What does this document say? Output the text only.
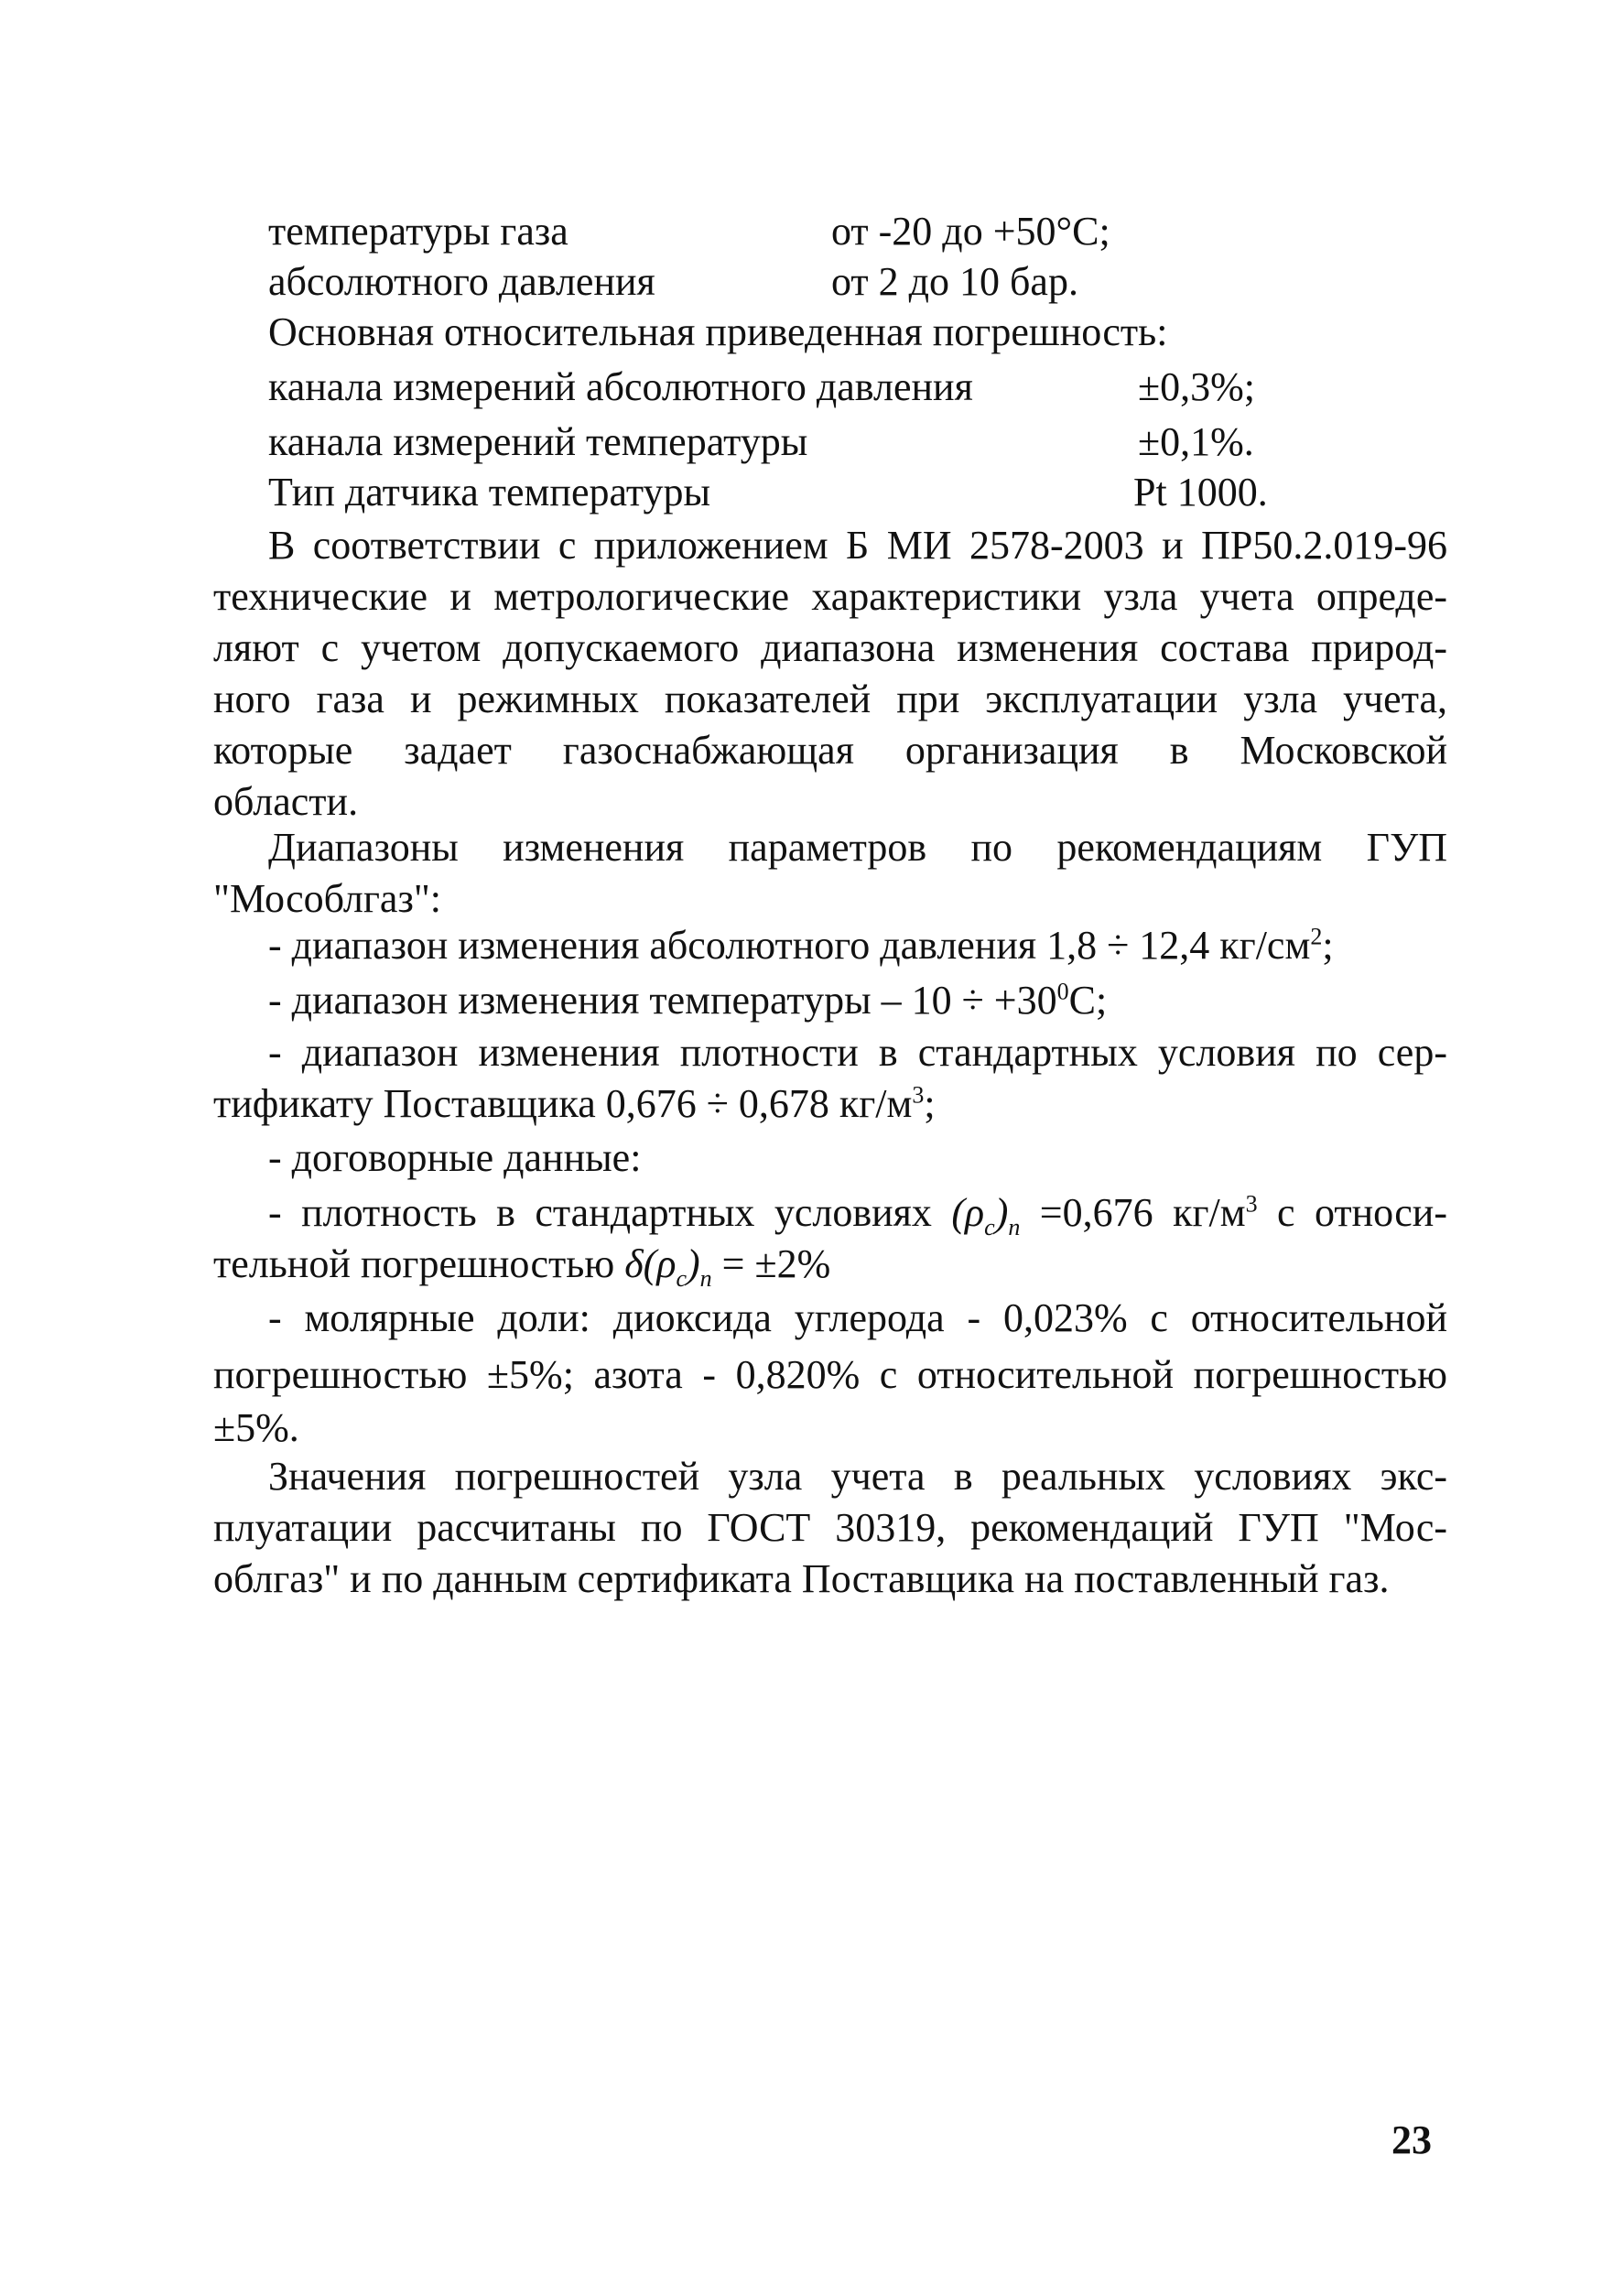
температуры газа	от -20 до +50°С;
абсолютного давления	от 2 до 10 бар.
Основная относительная приведенная погрешность:
канала измерений абсолютного давления	±0,3%;
канала измерений температуры	±0,1%.
Тип датчика температуры	Pt 1000.
В соответствии с приложением Б МИ 2578-2003 и ПР50.2.019-96
технические и метрологические характеристики узла учета опреде-
ляют с учетом допускаемого диапазона изменения состава природ-
ного газа и режимных показателей при эксплуатации узла учета,
которые задает газоснабжающая организация в Московской
области.
Диапазоны изменения параметров по рекомендациям ГУП
"Мособлгаз":
- диапазон изменения абсолютного давления 1,8 ÷ 12,4 $кг/см^2$;
- диапазон изменения температуры – $10 \div +30^0С$;
- диапазон изменения плотности в стандартных условия по сер-
тификату Поставщика 0,676 ÷ 0,678 $кг/м^3$;
- договорные данные:
- плотность в стандартных условиях $(\rho_c)_n =0,676$ $кг/м^3$ с относи-
тельной погрешностью $\delta(\rho_c)_n = \pm 2\%$
- молярные доли: диоксида углерода - 0,023% с относительной
погрешностью ±5%; азота - 0,820% с относительной погрешностью
±5%.
Значения погрешностей узла учета в реальных условиях экс-
плуатации рассчитаны по ГОСТ 30319, рекомендаций ГУП "Мос-
облгаз" и по данным сертификата Поставщика на поставленный газ.
23
